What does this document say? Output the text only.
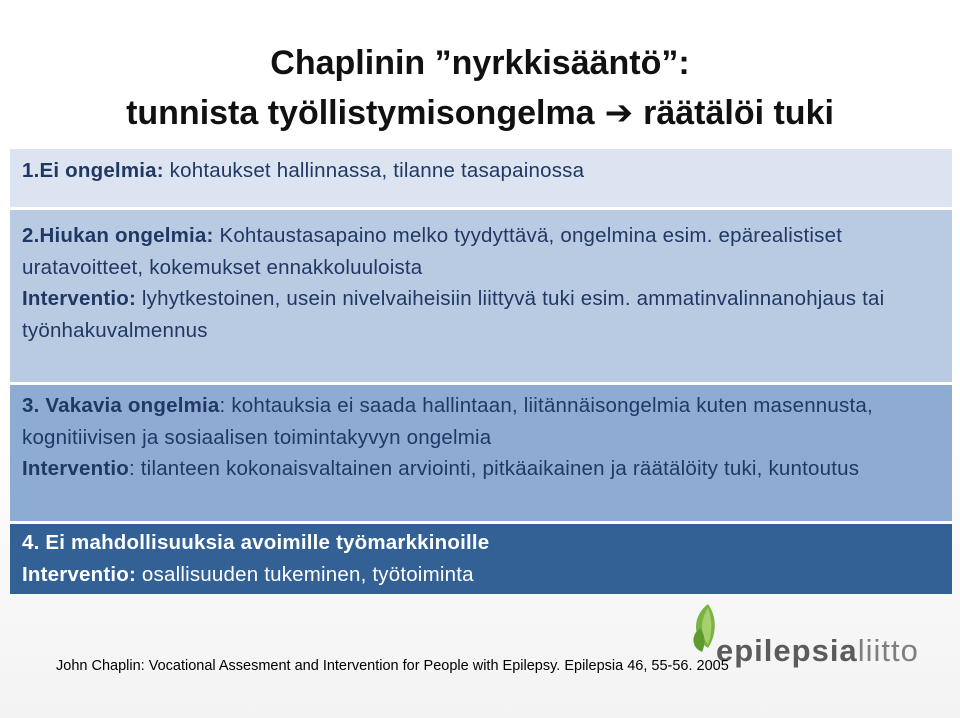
Chaplinin ”nyrkkisääntö”:
tunnista työllistymisongelma ➔ räätälöi tuki
1.Ei ongelmia: kohtaukset hallinnassa, tilanne tasapainossa
2.Hiukan ongelmia: Kohtaustasapaino melko tyydyttävä, ongelmina esim. epärealistiset uratavoitteet, kokemukset ennakkoluuloista
Interventio: lyhytkestoinen, usein nivelvaiheisiin liittyvä tuki esim. ammatinvalinnanohjaus tai työnhakuvalmennus
3. Vakavia ongelmia: kohtauksia ei saada hallintaan, liitännäisongelmia kuten masennusta, kognitiivisen ja sosiaalisen toimintakyvyn ongelmia
Interventio: tilanteen kokonaisvaltainen arviointi, pitkäaikainen ja räätälöity tuki, kuntoutus
4. Ei mahdollisuuksia avoimille työmarkkinoille
Interventio: osallisuuden tukeminen, työtoiminta
epilepsialiitto
John Chaplin: Vocational Assesment and Intervention for People with Epilepsy. Epilepsia 46, 55-56. 2005
